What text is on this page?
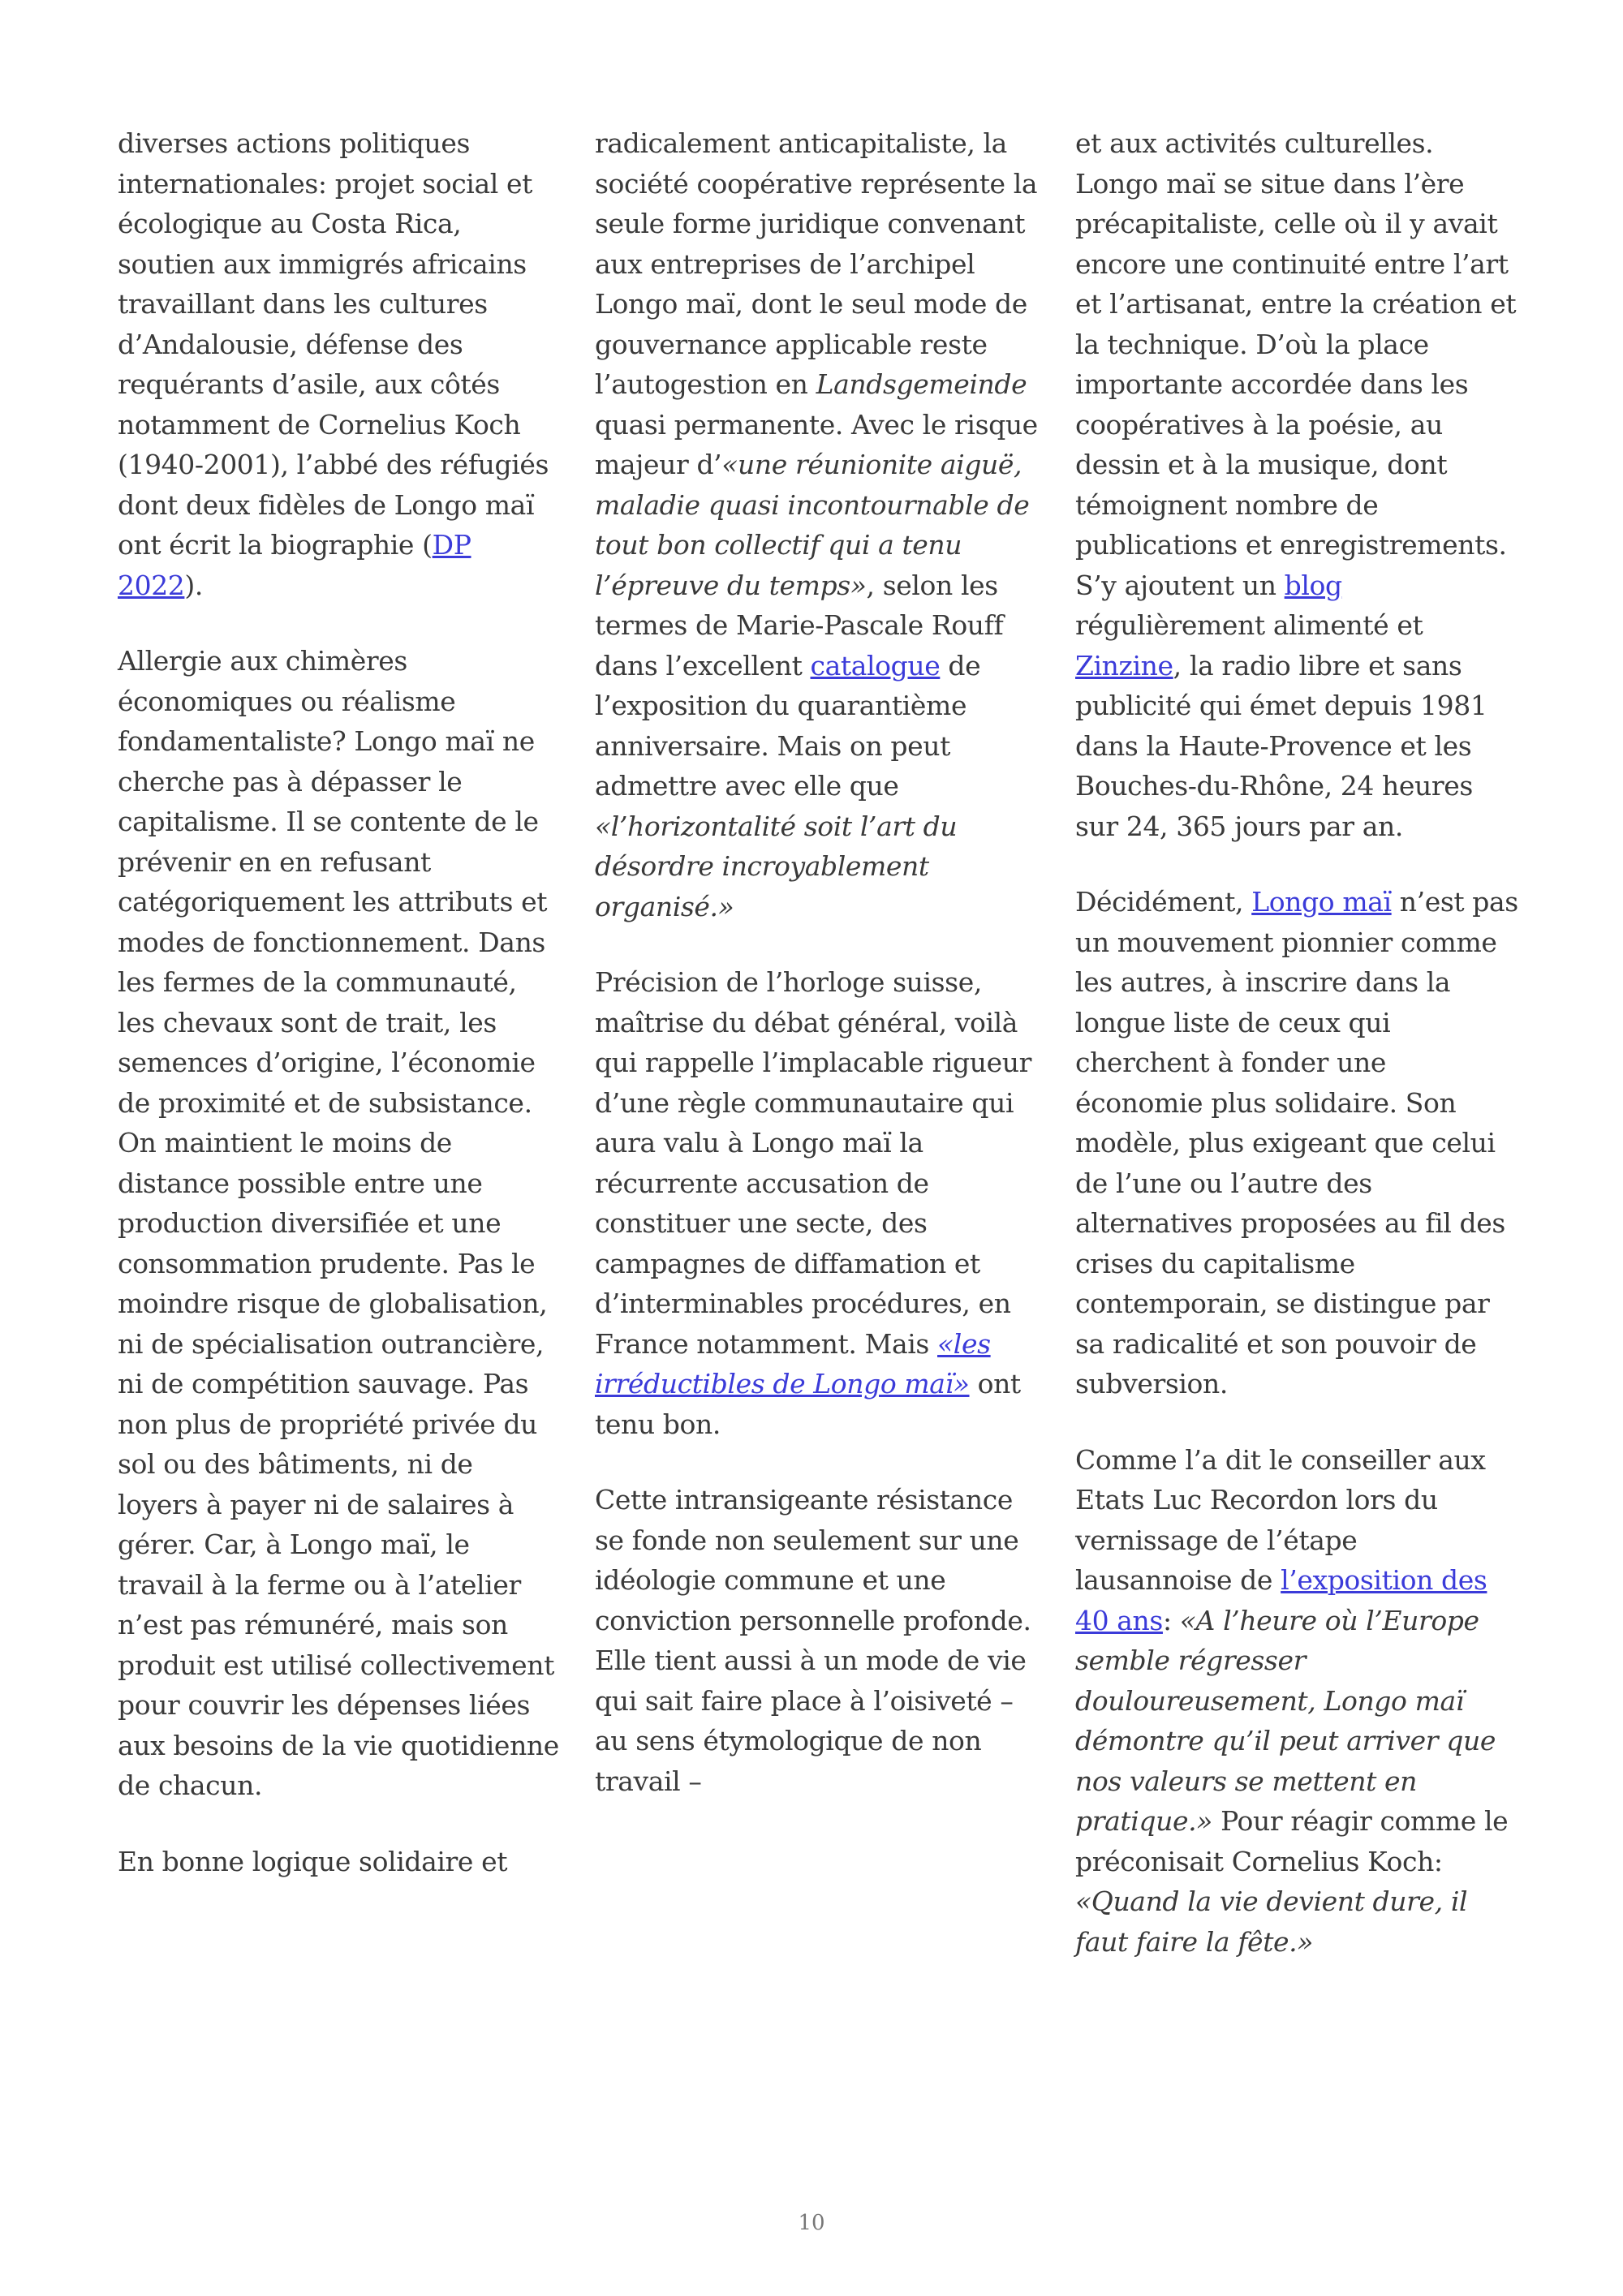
diverses actions politiques internationales: projet social et écologique au Costa Rica, soutien aux immigrés africains travaillant dans les cultures d’Andalousie, défense des requérants d’asile, aux côtés notamment de Cornelius Koch (1940-2001), l’abbé des réfugiés dont deux fidèles de Longo maï ont écrit la biographie (DP 2022).

Allergie aux chimères économiques ou réalisme fondamentaliste? Longo maï ne cherche pas à dépasser le capitalisme. Il se contente de le prévenir en en refusant catégoriquement les attributs et modes de fonctionnement. Dans les fermes de la communauté, les chevaux sont de trait, les semences d’origine, l’économie de proximité et de subsistance. On maintient le moins de distance possible entre une production diversifiée et une consommation prudente. Pas le moindre risque de globalisation, ni de spécialisation outrancière, ni de compétition sauvage. Pas non plus de propriété privée du sol ou des bâtiments, ni de loyers à payer ni de salaires à gérer. Car, à Longo maï, le travail à la ferme ou à l’atelier n’est pas rémunéré, mais son produit est utilisé collectivement pour couvrir les dépenses liées aux besoins de la vie quotidienne de chacun.

En bonne logique solidaire et

radicalement anticapitaliste, la société coopérative représente la seule forme juridique convenant aux entreprises de l’archipel Longo maï, dont le seul mode de gouvernance applicable reste l’autogestion en Landsgemeinde quasi permanente. Avec le risque majeur d’«une réunionite aiguë, maladie quasi incontournable de tout bon collectif qui a tenu l’épreuve du temps», selon les termes de Marie-Pascale Rouff dans l’excellent catalogue de l’exposition du quarantième anniversaire. Mais on peut admettre avec elle que «l’horizontalité soit l’art du désordre incroyablement organisé.»

Précision de l’horloge suisse, maîtrise du débat général, voilà qui rappelle l’implacable rigueur d’une règle communautaire qui aura valu à Longo maï la récurrente accusation de constituer une secte, des campagnes de diffamation et d’interminables procédures, en France notamment. Mais «les irréductibles de Longo maï» ont tenu bon.

Cette intransigeante résistance se fonde non seulement sur une idéologie commune et une conviction personnelle profonde. Elle tient aussi à un mode de vie qui sait faire place à l’oisiveté – au sens étymologique de non travail –

et aux activités culturelles. Longo maï se situe dans l’ère précapitaliste, celle où il y avait encore une continuité entre l’art et l’artisanat, entre la création et la technique. D’où la place importante accordée dans les coopératives à la poésie, au dessin et à la musique, dont témoignent nombre de publications et enregistrements. S’y ajoutent un blog régulièrement alimenté et Zinzine, la radio libre et sans publicité qui émet depuis 1981 dans la Haute-Provence et les Bouches-du-Rhône, 24 heures sur 24, 365 jours par an.

Décidément, Longo maï n’est pas un mouvement pionnier comme les autres, à inscrire dans la longue liste de ceux qui cherchent à fonder une économie plus solidaire. Son modèle, plus exigeant que celui de l’une ou l’autre des alternatives proposées au fil des crises du capitalisme contemporain, se distingue par sa radicalité et son pouvoir de subversion.

Comme l’a dit le conseiller aux Etats Luc Recordon lors du vernissage de l’étape lausannoise de l’exposition des 40 ans: «A l’heure où l’Europe semble régresser douloureusement, Longo maï démontre qu’il peut arriver que nos valeurs se mettent en pratique.» Pour réagir comme le préconisait Cornelius Koch: «Quand la vie devient dure, il faut faire la fête.»

10
